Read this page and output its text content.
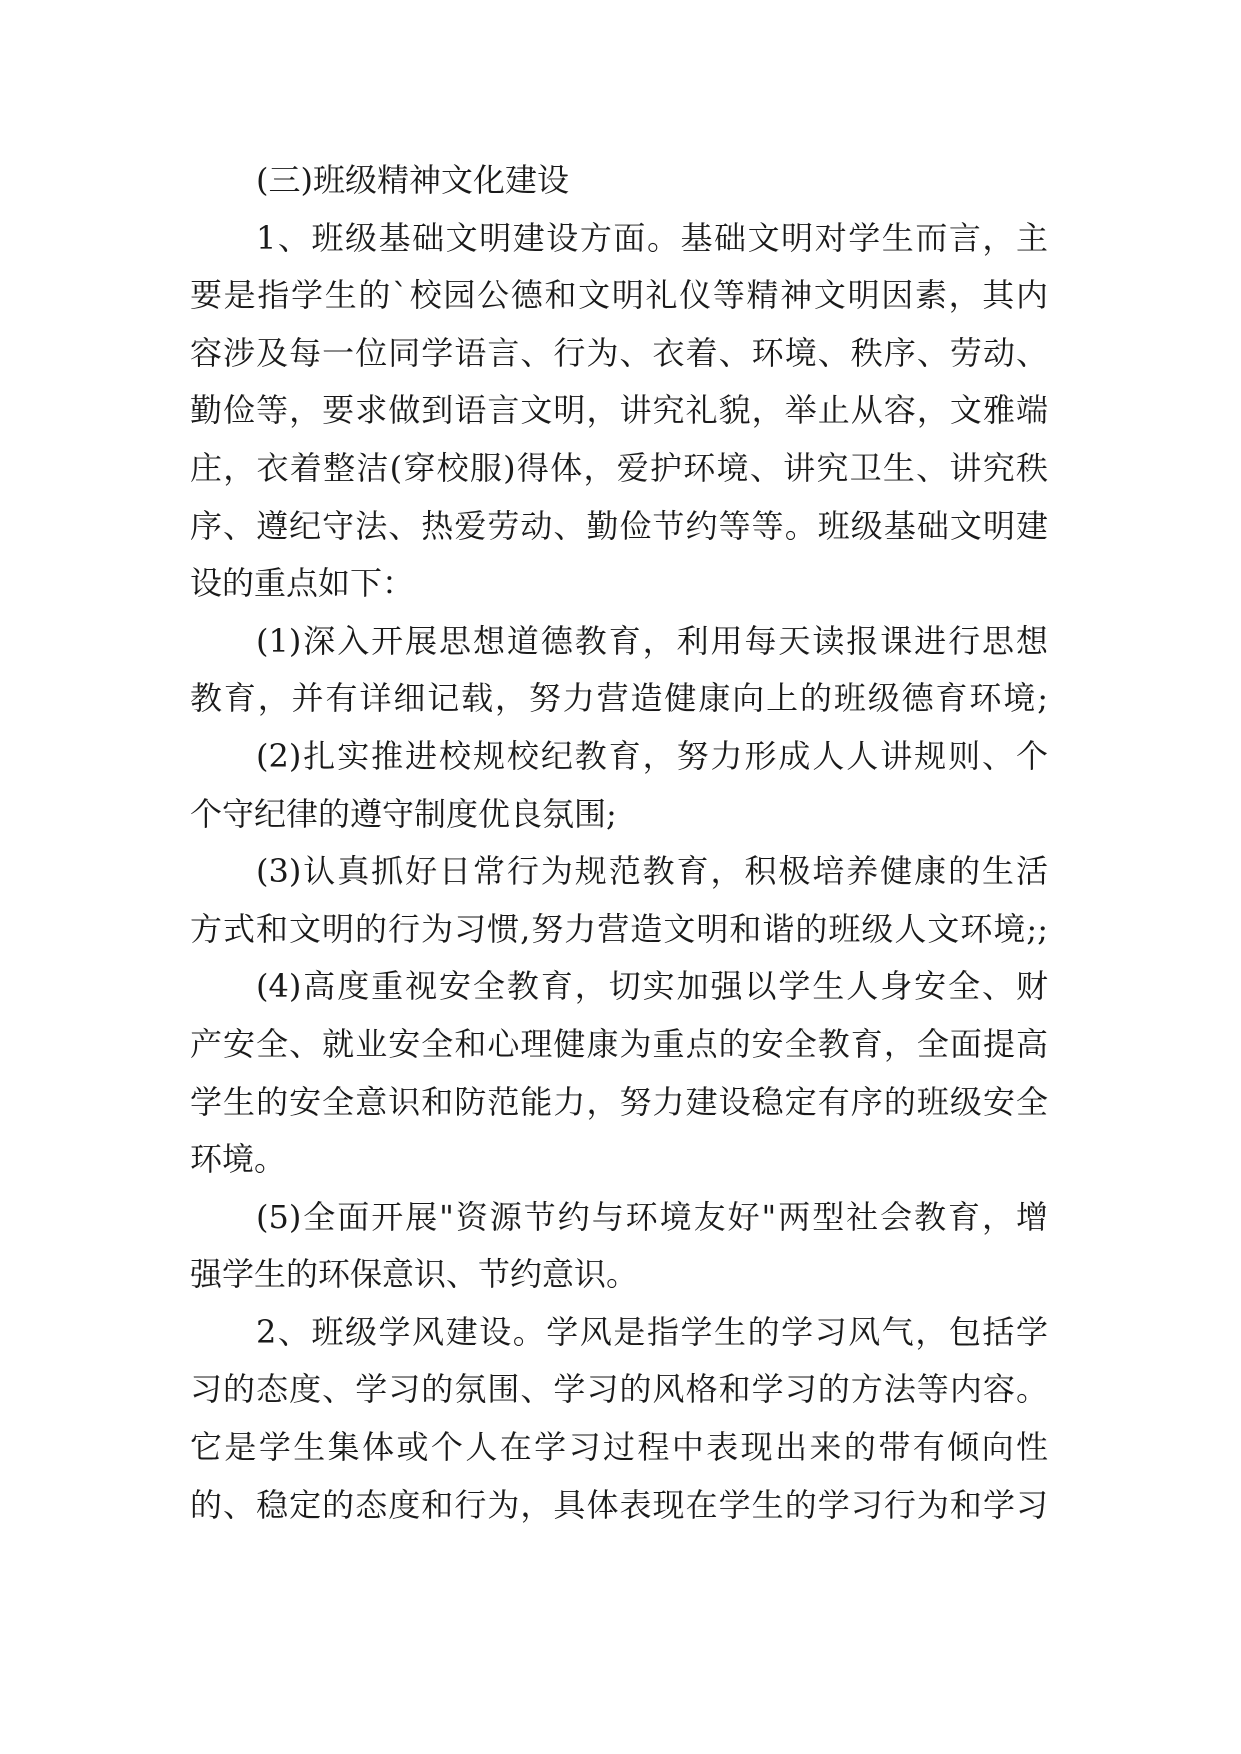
(三)班级精神文化建设
1、班级基础文明建设方面。基础文明对学生而言，主
要是指学生的`校园公德和文明礼仪等精神文明因素，其内
容涉及每一位同学语言、行为、衣着、环境、秩序、劳动、
勤俭等，要求做到语言文明，讲究礼貌，举止从容，文雅端
庄，衣着整洁(穿校服)得体，爱护环境、讲究卫生、讲究秩
序、遵纪守法、热爱劳动、勤俭节约等等。班级基础文明建
设的重点如下：
(1)深入开展思想道德教育，利用每天读报课进行思想
教育，并有详细记载，努力营造健康向上的班级德育环境;
(2)扎实推进校规校纪教育，努力形成人人讲规则、个
个守纪律的遵守制度优良氛围;
(3)认真抓好日常行为规范教育，积极培养健康的生活
方式和文明的行为习惯,努力营造文明和谐的班级人文环境;;
(4)高度重视安全教育，切实加强以学生人身安全、财
产安全、就业安全和心理健康为重点的安全教育，全面提高
学生的安全意识和防范能力，努力建设稳定有序的班级安全
环境。
(5)全面开展"资源节约与环境友好"两型社会教育，增
强学生的环保意识、节约意识。
2、班级学风建设。学风是指学生的学习风气，包括学
习的态度、学习的氛围、学习的风格和学习的方法等内容。
它是学生集体或个人在学习过程中表现出来的带有倾向性
的、稳定的态度和行为，具体表现在学生的学习行为和学习
